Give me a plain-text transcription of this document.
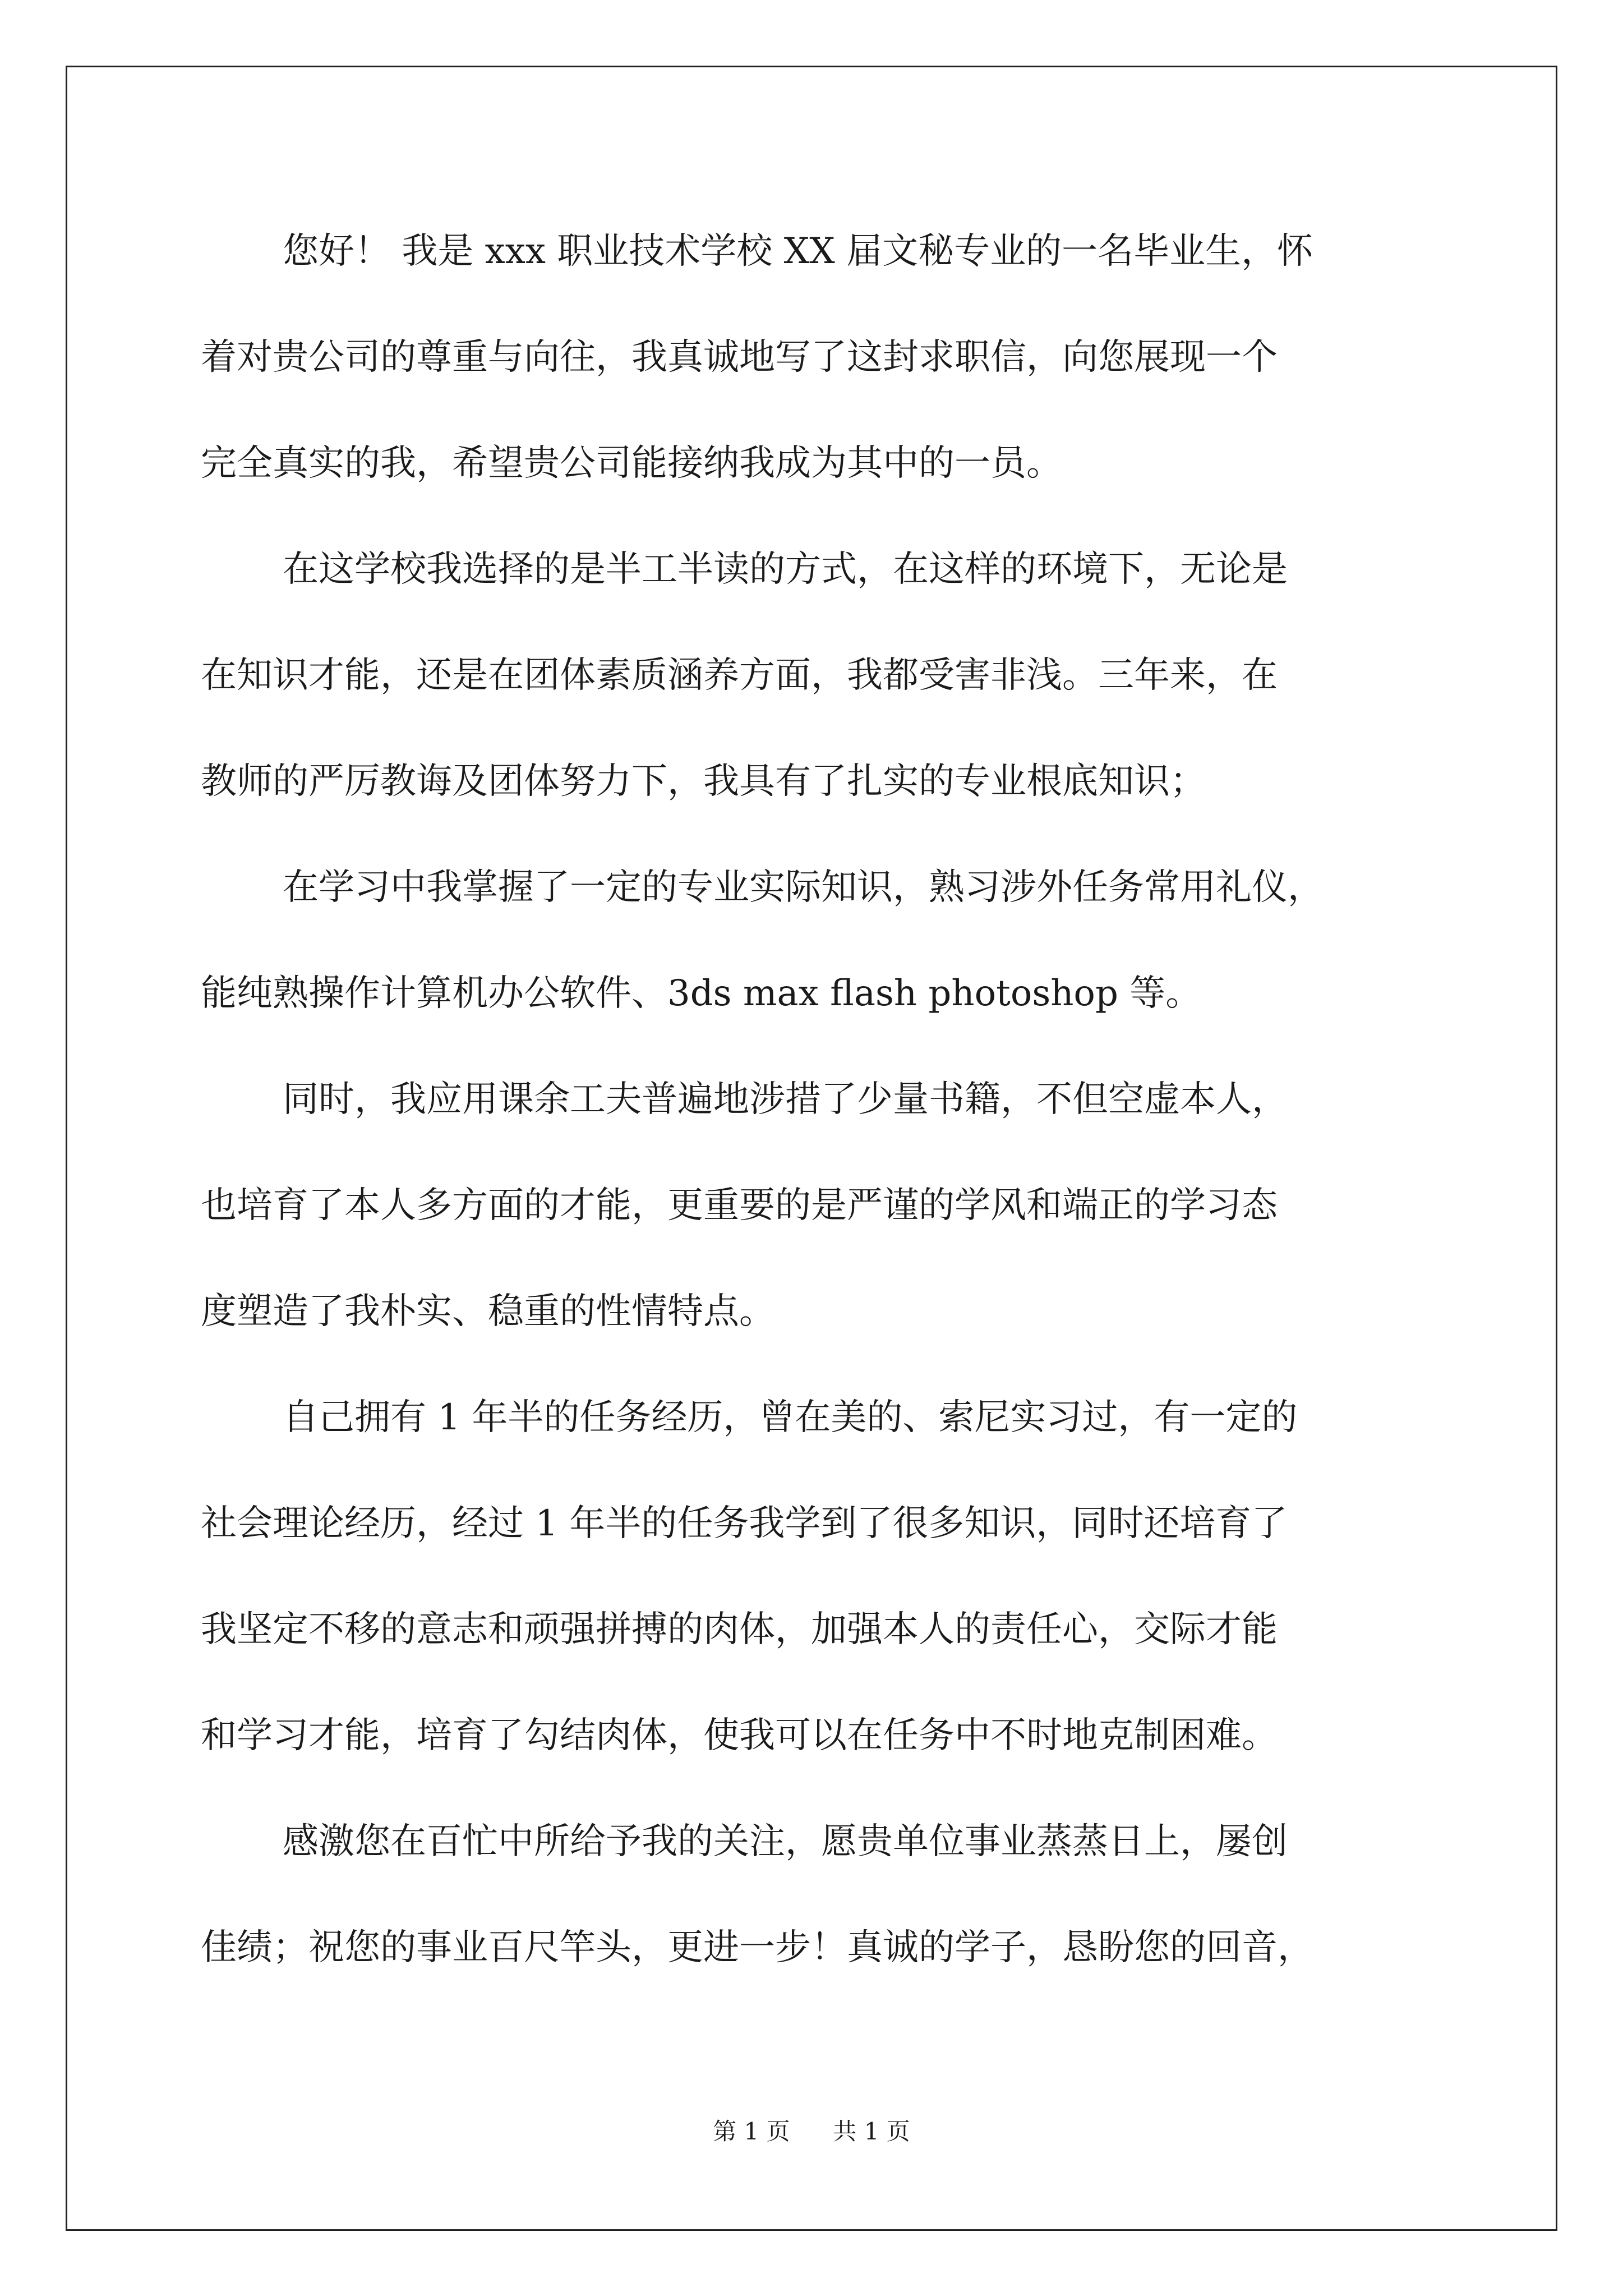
您好！ 我是 xxx 职业技术学校 XX 届文秘专业的一名毕业生，怀
着对贵公司的尊重与向往，我真诚地写了这封求职信，向您展现一个
完全真实的我，希望贵公司能接纳我成为其中的一员。
在这学校我选择的是半工半读的方式，在这样的环境下，无论是
在知识才能，还是在团体素质涵养方面，我都受害非浅。三年来，在
教师的严厉教诲及团体努力下，我具有了扎实的专业根底知识；
在学习中我掌握了一定的专业实际知识，熟习涉外任务常用礼仪，
能纯熟操作计算机办公软件、3ds max flash photoshop 等。
同时，我应用课余工夫普遍地涉措了少量书籍，不但空虚本人，
也培育了本人多方面的才能，更重要的是严谨的学风和端正的学习态
度塑造了我朴实、稳重的性情特点。
自己拥有 1 年半的任务经历，曾在美的、索尼实习过，有一定的
社会理论经历，经过 1 年半的任务我学到了很多知识，同时还培育了
我坚定不移的意志和顽强拼搏的肉体，加强本人的责任心，交际才能
和学习才能，培育了勾结肉体，使我可以在任务中不时地克制困难。
感激您在百忙中所给予我的关注，愿贵单位事业蒸蒸日上，屡创
佳绩；祝您的事业百尺竿头，更进一步！真诚的学子，恳盼您的回音，
第 1 页 共 1 页
